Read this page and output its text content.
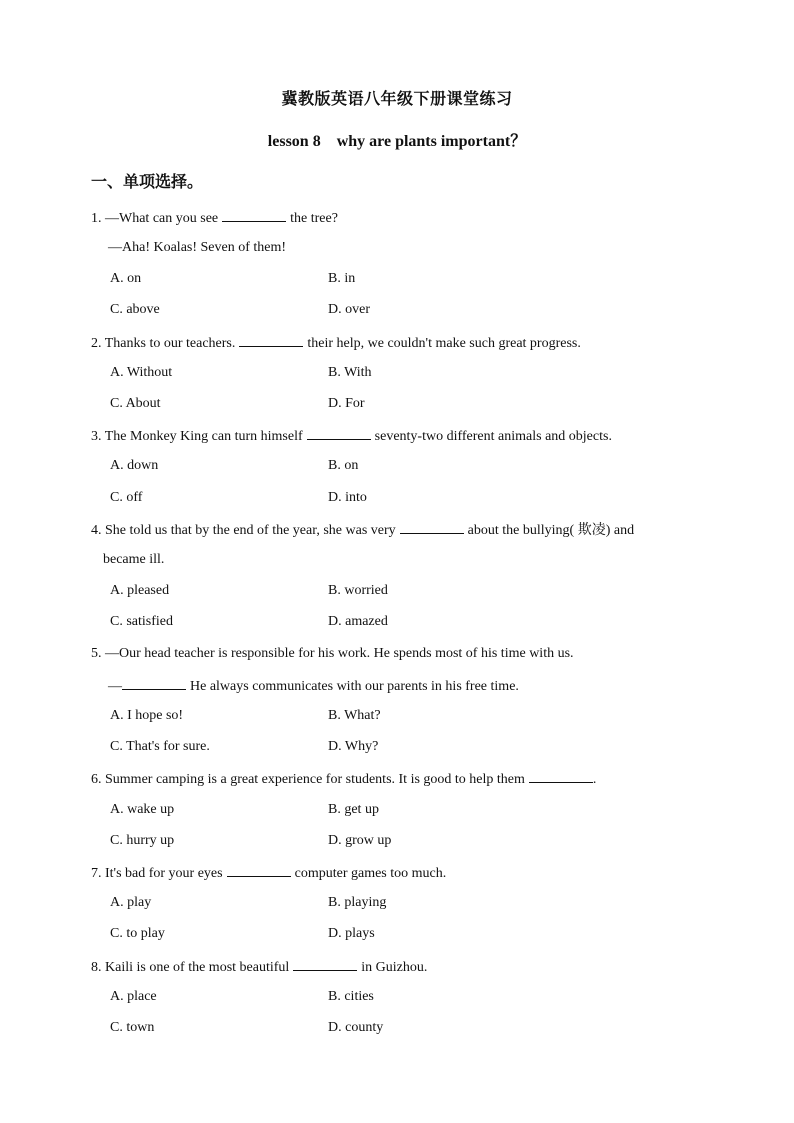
冀教版英语八年级下册课堂练习
lesson 8　why are plants important？
一、单项选择。
1. —What can you see	the tree?
—Aha! Koalas! Seven of them!
A. on	B. in
C. above	D. over
2. Thanks to our teachers.	their help, we couldn't make such great progress.
A. Without	B. With
C. About	D. For
3. The Monkey King can turn himself	seventy-two different animals and objects.
A. down	B. on
C. off	D. into
4. She told us that by the end of the year, she was very	about the bullying( 欺凌) and
became ill.
A. pleased	B. worried
C. satisfied	D. amazed
5. —Our head teacher is responsible for his work. He spends most of his time with us.
—	He always communicates with our parents in his free time.
A. I hope so!	B. What?
C. That's for sure.	D. Why?
6. Summer camping is a great experience for students. It is good to help them	.
A. wake up	B. get up
C. hurry up	D. grow up
7. It's bad for your eyes	computer games too much.
A. play	B. playing
C. to play	D. plays
8. Kaili is one of the most beautiful	in Guizhou.
A. place	B. cities
C. town	D. county
